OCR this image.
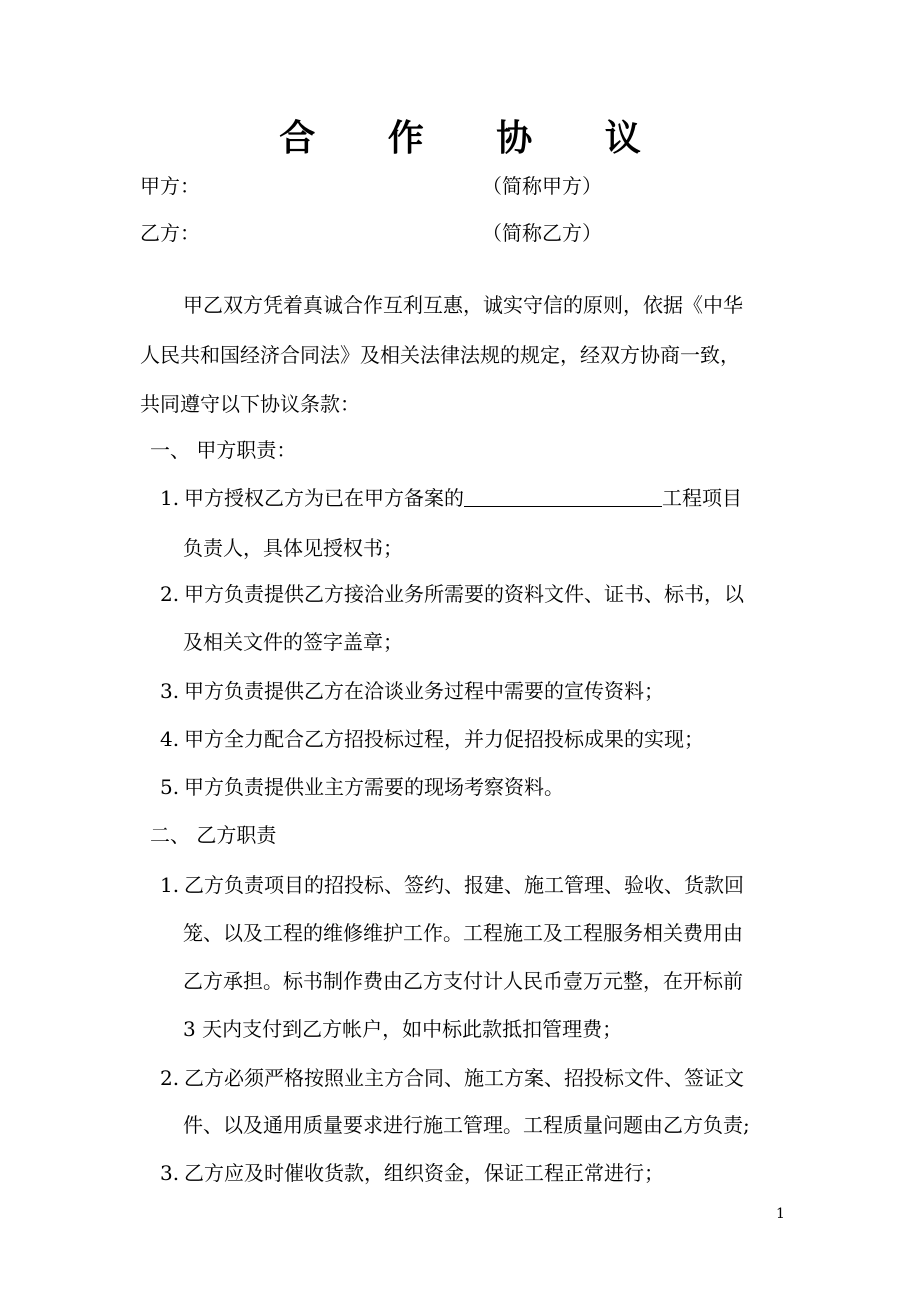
合 作 协 议
甲方：	（简称甲方）
乙方：	（简称乙方）
甲乙双方凭着真诚合作互利互惠，诚实守信的原则，依据《中华
人民共和国经济合同法》及相关法律法规的规定，经双方协商一致，
共同遵守以下协议条款：
一、 甲方职责：
1. 甲方授权乙方为已在甲方备案的	工程项目
负责人，具体见授权书；
2. 甲方负责提供乙方接洽业务所需要的资料文件、证书、标书，以
及相关文件的签字盖章；
3. 甲方负责提供乙方在洽谈业务过程中需要的宣传资料；
4. 甲方全力配合乙方招投标过程，并力促招投标成果的实现；
5. 甲方负责提供业主方需要的现场考察资料。
二、 乙方职责
1. 乙方负责项目的招投标、签约、报建、施工管理、验收、货款回
笼、以及工程的维修维护工作。工程施工及工程服务相关费用由
乙方承担。标书制作费由乙方支付计人民币壹万元整，在开标前
3 天内支付到乙方帐户，如中标此款抵扣管理费；
2. 乙方必须严格按照业主方合同、施工方案、招投标文件、签证文
件、以及通用质量要求进行施工管理。工程质量问题由乙方负责;
3. 乙方应及时催收货款，组织资金，保证工程正常进行；
1
